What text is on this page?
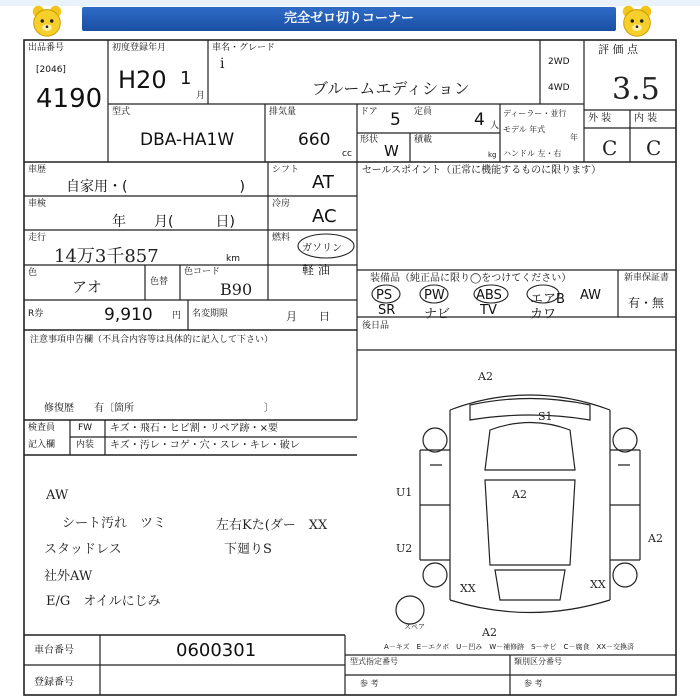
完全ゼロ切りコーナー
出品番号
[2046]
4190
初度登録年月
H20 1
月
車名・グレード
i
ブルームエディション
2WD
4WD
評 価 点
3.5
型式
DBA-HA1W
排気量
660
cc
ドア 5 定員 4 人
ディーラー・並行
モデル 年式
年
形状
W
積載
kg ハンドル 左・右
外 装 内 装
C C
車歴
自家用・(　　　　　　　　)
車検
年　　月(　　　日)
走行
14万3千857	km
色
アオ	色替
色コード
B90
R券	9,910 円 名変期限	月　　日
シフト
AT
冷房
AC
燃料
ガソリン
軽 油
セールスポイント（正常に機能するものに限ります）
装備品（純正品に限り◯をつけてください）
PS PW ABS エアB AW
SR ナビ TV	カワ
新車保証書
有・無
後日品
注意事項申告欄（不具合内容等は具体的に記入して下さい）
修復歴　　有〔箇所　　　　　　　　　　　　　〕
検査員
記入欄
FW
内装
キズ・飛石・ヒビ割・リペア跡・×要
キズ・汚レ・コゲ・穴・スレ・キレ・破レ
AW
シート汚れ　ツミ
スタッドレス
社外AW
E/G　オイルにじみ
左右Kた(ダー　XX
下廻りS
A2
S1
U1	A2
U2
A2
XX	XX
A2
スペア
車台番号	0600301
登録番号
A－キズ　E－エクボ　U－凹み　W－補修跡　S－サビ　C－腐食　XX－交換済
型式指定番号	類別区分番号
参 考	参 考
